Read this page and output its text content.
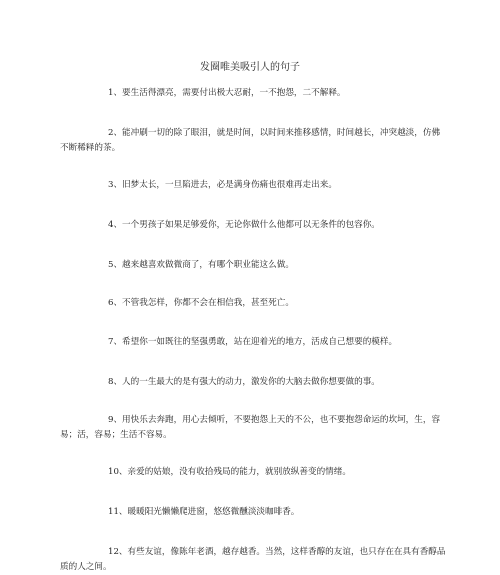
发圈唯美吸引人的句子
1、要生活得漂亮，需要付出极大忍耐，一不抱怨，二不解释。
2、能冲刷一切的除了眼泪，就是时间，以时间来推移感情，时间越长，冲突越淡，仿佛不断稀释的茶。
3、旧梦太长，一旦陷进去，必是满身伤痛也很难再走出来。
4、一个男孩子如果足够爱你，无论你做什么他都可以无条件的包容你。
5、越来越喜欢做微商了，有哪个职业能这么做。
6、不管我怎样，你都不会在相信我，甚至死亡。
7、希望你一如既往的坚强勇敢，站在迎着光的地方，活成自己想要的模样。
8、人的一生最大的是有强大的动力，激发你的大脑去做你想要做的事。
9、用快乐去奔跑，用心去倾听，不要抱怨上天的不公，也不要抱怨命运的坎坷，生，容易；活，容易；生活不容易。
10、亲爱的姑娘，没有收拾残局的能力，就别放纵善变的情绪。
11、暖暖阳光懒懒爬进窗，悠悠微醺淡淡咖啡香。
12、有些友谊，像陈年老酒，越存越香。当然，这样香醇的友谊，也只存在在具有香醇品质的人之间。
